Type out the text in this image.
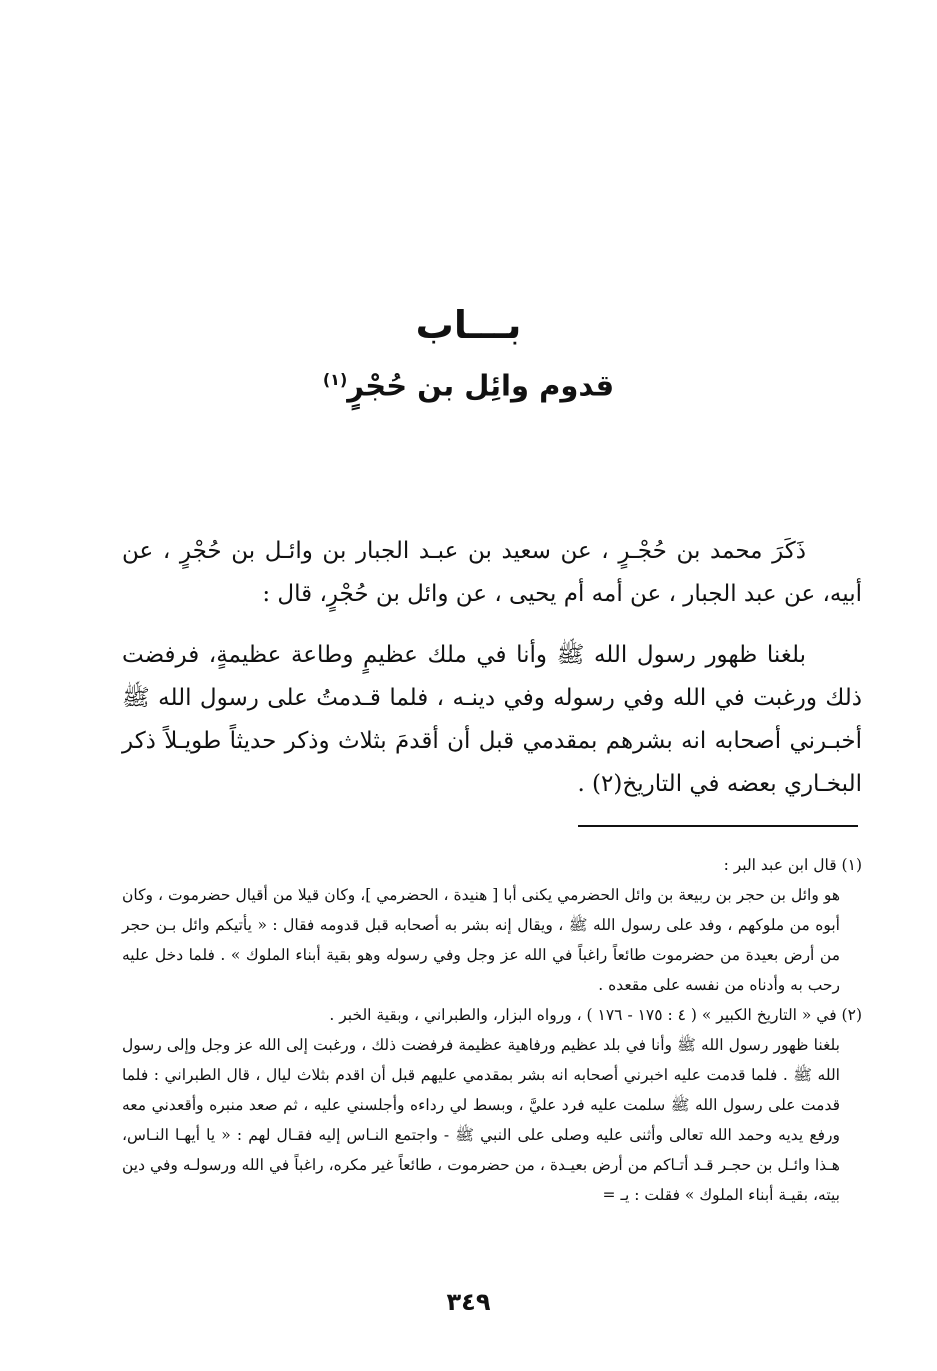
بـــاب
قدوم وائِل بن حُجْرٍ$^{(١)}$

ذَكَرَ محمد بن حُجْـرٍ ، عن سعيد بن عبـد الجبار بن وائـل بن حُجْرٍ ، عن أبيه، عن عبد الجبار ، عن أمه أم يحيى ، عن وائل بن حُجْرٍ، قال :

بلغنا ظهور رسول الله ﷺ وأنا في ملك عظيمٍ وطاعة عظيمةٍ، فرفضت ذلك ورغبت في الله وفي رسوله وفي دينـه ، فلما قـدمتُ على رسول الله ﷺ أخبـرني أصحابه انه بشرهم بمقدمي قبل أن أقدمَ بثلاث وذكر حديثاً طويـلاً ذكر البخـاري بعضه في التاريخ(٢) .

(١) قال ابن عبد البر :

هو وائل بن حجر بن ربيعة بن وائل الحضرمي يكنى أبا [ هنيدة ، الحضرمي ]، وكان قيلا من أقيال حضرموت ، وكان أبوه من ملوكهم ، وفد على رسول الله ﷺ ، ويقال إنه بشر به أصحابه قبل قدومه فقال : « يأتيكم وائل بـن حجر من أرض بعيدة من حضرموت طائعاً راغباً في الله عز وجل وفي رسوله وهو بقية أبناء الملوك » . فلما دخل عليه رحب به وأدناه من نفسه على مقعده .

(٢) في « التاريخ الكبير » ( ٤ : ١٧٥ - ١٧٦ ) ، ورواه البزار، والطبراني ، وبقية الخبر .

بلغنا ظهور رسول الله ﷺ وأنا في بلد عظيم ورفاهية عظيمة فرفضت ذلك ، ورغبت إلى الله عز وجل وإلى رسول الله ﷺ . فلما قدمت عليه اخبرني أصحابه انه بشر بمقدمي عليهم قبل أن اقدم بثلاث ليال ، قال الطبراني : فلما قدمت على رسول الله ﷺ سلمت عليه فرد عليَّ ، وبسط لي رداءه وأجلسني عليه ، ثم صعد منبره وأقعدني معه ورفع يديه وحمد الله تعالى وأثنى عليه وصلى على النبي ﷺ - واجتمع النـاس إليه فقـال لهم : « يا أيهـا النـاس، هـذا وائـل بن حجـر قـد أتـاكم من أرض بعيـدة ، من حضرموت ، طائعاً غير مكره، راغباً في الله ورسولـه وفي دين بيته، بقيـة أبناء الملوك » فقلت : يـ =

٣٤٩
